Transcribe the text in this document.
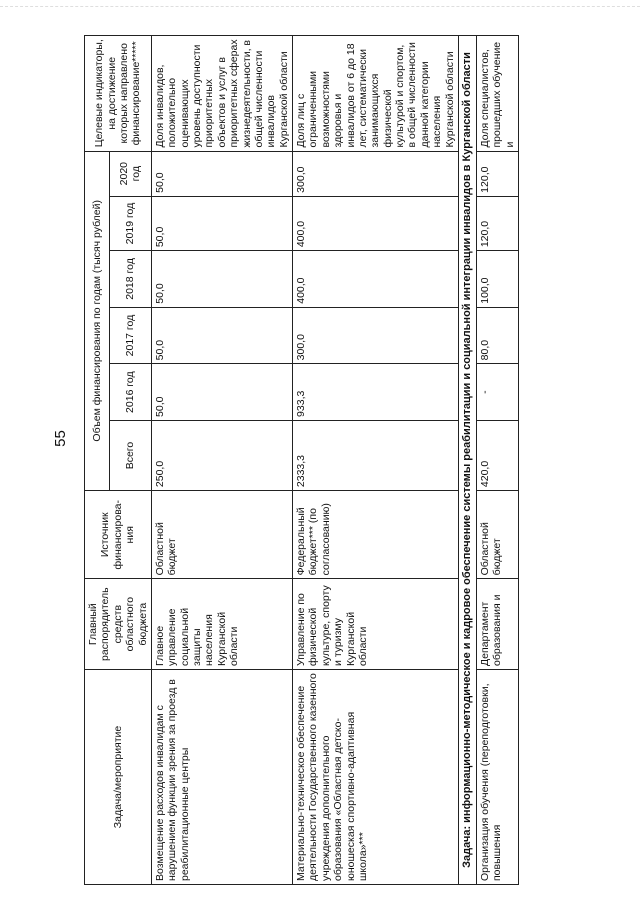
55
Задача/мероприятие	Главный распорядитель средств областного бюджета	Источник финансирова-ния	Объем финансирования по годам (тысяч рублей)						Целевые индикаторы, на достижение которых направлено финансирование*****
			Всего	2016 год	2017 год	2018 год	2019 год	2020 год	
Возмещение расходов инвалидам с нарушением функции зрения за проезд в реабилитационные центры	Главное управление социальной защиты населения Курганской области	Областной бюджет	250,0	50,0	50,0	50,0	50,0	50,0	Доля инвалидов, положительно оценивающих уровень доступности приоритетных объектов и услуг в приоритетных сферах жизнедеятельности, в общей численности инвалидов Курганской области
Материально-техническое обеспечение деятельности Государственного казенного учреждения дополнительного образования «Областная детско-юношеская спортивно-адаптивная школа»***	Управление по физической культуре, спорту и туризму Курганской области	Федеральный бюджет*** (по согласованию)	2333,3	933,3	300,0	400,0	400,0	300,0	Доля лиц с ограниченными возможностями здоровья и инвалидов от 6 до 18 лет, систематически занимающихся физической культурой и спортом, в общей численности данной категории населения Курганской области
Задача: информационно-методическое и кадровое обеспечение системы реабилитации и социальной интеграции инвалидов в Курганской области									
Организация обучения (переподготовки, повышения	Департамент образования и	Областной бюджет	420,0	-	80,0	100,0	120,0	120,0	Доля специалистов, прошедших обучение и
